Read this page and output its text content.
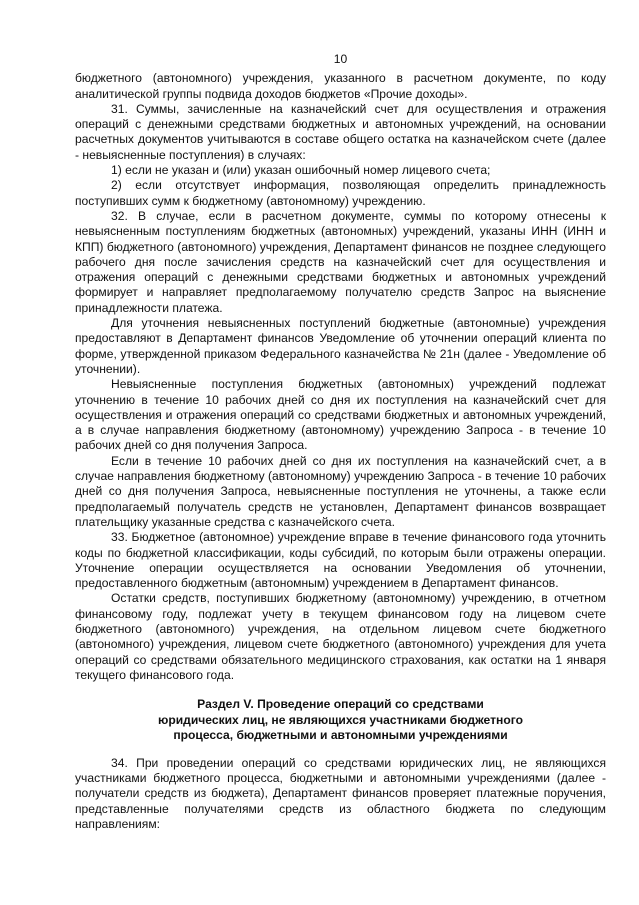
10

бюджетного (автономного) учреждения, указанного в расчетном документе, по коду аналитической группы подвида доходов бюджетов «Прочие доходы».

31. Суммы, зачисленные на казначейский счет для осуществления и отражения операций с денежными средствами бюджетных и автономных учреждений, на основании расчетных документов учитываются в составе общего остатка на казначейском счете (далее - невыясненные поступления) в случаях:

1) если не указан и (или) указан ошибочный номер лицевого счета;

2) если отсутствует информация, позволяющая определить принадлежность поступивших сумм к бюджетному (автономному) учреждению.

32. В случае, если в расчетном документе, суммы по которому отнесены к невыясненным поступлениям бюджетных (автономных) учреждений, указаны ИНН (ИНН и КПП) бюджетного (автономного) учреждения, Департамент финансов не позднее следующего рабочего дня после зачисления средств на казначейский счет для осуществления и отражения операций с денежными средствами бюджетных и автономных учреждений формирует и направляет предполагаемому получателю средств Запрос на выяснение принадлежности платежа.

Для уточнения невыясненных поступлений бюджетные (автономные) учреждения предоставляют в Департамент финансов Уведомление об уточнении операций клиента по форме, утвержденной приказом Федерального казначейства № 21н (далее - Уведомление об уточнении).

Невыясненные поступления бюджетных (автономных) учреждений подлежат уточнению в течение 10 рабочих дней со дня их поступления на казначейский счет для осуществления и отражения операций со средствами бюджетных и автономных учреждений, а в случае направления бюджетному (автономному) учреждению Запроса - в течение 10 рабочих дней со дня получения Запроса.

Если в течение 10 рабочих дней со дня их поступления на казначейский счет, а в случае направления бюджетному (автономному) учреждению Запроса - в течение 10 рабочих дней со дня получения Запроса, невыясненные поступления не уточнены, а также если предполагаемый получатель средств не установлен, Департамент финансов возвращает плательщику указанные средства с казначейского счета.

33. Бюджетное (автономное) учреждение вправе в течение финансового года уточнить коды по бюджетной классификации, коды субсидий, по которым были отражены операции. Уточнение операции осуществляется на основании Уведомления об уточнении, предоставленного бюджетным (автономным) учреждением в Департамент финансов.

Остатки средств, поступивших бюджетному (автономному) учреждению, в отчетном финансовому году, подлежат учету в текущем финансовом году на лицевом счете бюджетного (автономного) учреждения, на отдельном лицевом счете бюджетного (автономного) учреждения, лицевом счете бюджетного (автономного) учреждения для учета операций со средствами обязательного медицинского страхования, как остатки на 1 января текущего финансового года.

Раздел V. Проведение операций со средствами
юридических лиц, не являющихся участниками бюджетного
процесса, бюджетными и автономными учреждениями

34. При проведении операций со средствами юридических лиц, не являющихся участниками бюджетного процесса, бюджетными и автономными учреждениями (далее - получатели средств из бюджета), Департамент финансов проверяет платежные поручения, представленные получателями средств из областного бюджета по следующим направлениям:
